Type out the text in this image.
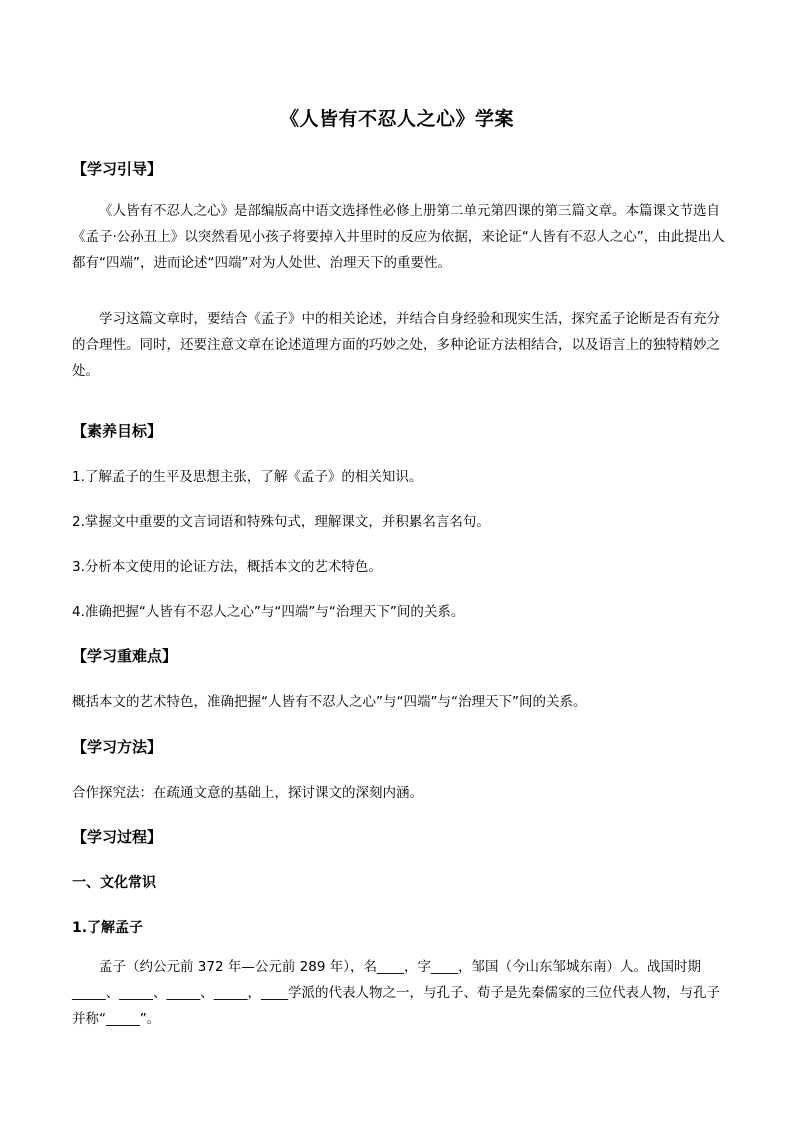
《人皆有不忍人之心》学案
【学习引导】
《人皆有不忍人之心》是部编版高中语文选择性必修上册第二单元第四课的第三篇文章。本篇课文节选自《孟子·公孙丑上》以突然看见小孩子将要掉入井里时的反应为依据，来论证“人皆有不忍人之心”，由此提出人都有“四端”，进而论述“四端”对为人处世、治理天下的重要性。
学习这篇文章时，要结合《孟子》中的相关论述，并结合自身经验和现实生活，探究孟子论断是否有充分的合理性。同时，还要注意文章在论述道理方面的巧妙之处，多种论证方法相结合，以及语言上的独特精妙之处。
【素养目标】
1.了解孟子的生平及思想主张，了解《孟子》的相关知识。
2.掌握文中重要的文言词语和特殊句式，理解课文，并积累名言名句。
3.分析本文使用的论证方法，概括本文的艺术特色。
4.准确把握“人皆有不忍人之心”与“四端”与“治理天下”间的关系。
【学习重难点】
概括本文的艺术特色，准确把握“人皆有不忍人之心”与“四端”与“治理天下”间的关系。
【学习方法】
合作探究法：在疏通文意的基础上，探讨课文的深刻内涵。
【学习过程】
一、文化常识
1.了解孟子
孟子（约公元前 372 年—公元前 289 年），名____，字____，邹国（今山东邹城东南）人。战国时期_____、_____、_____、_____，____学派的代表人物之一，与孔子、荀子是先秦儒家的三位代表人物，与孔子并称“_____”。
